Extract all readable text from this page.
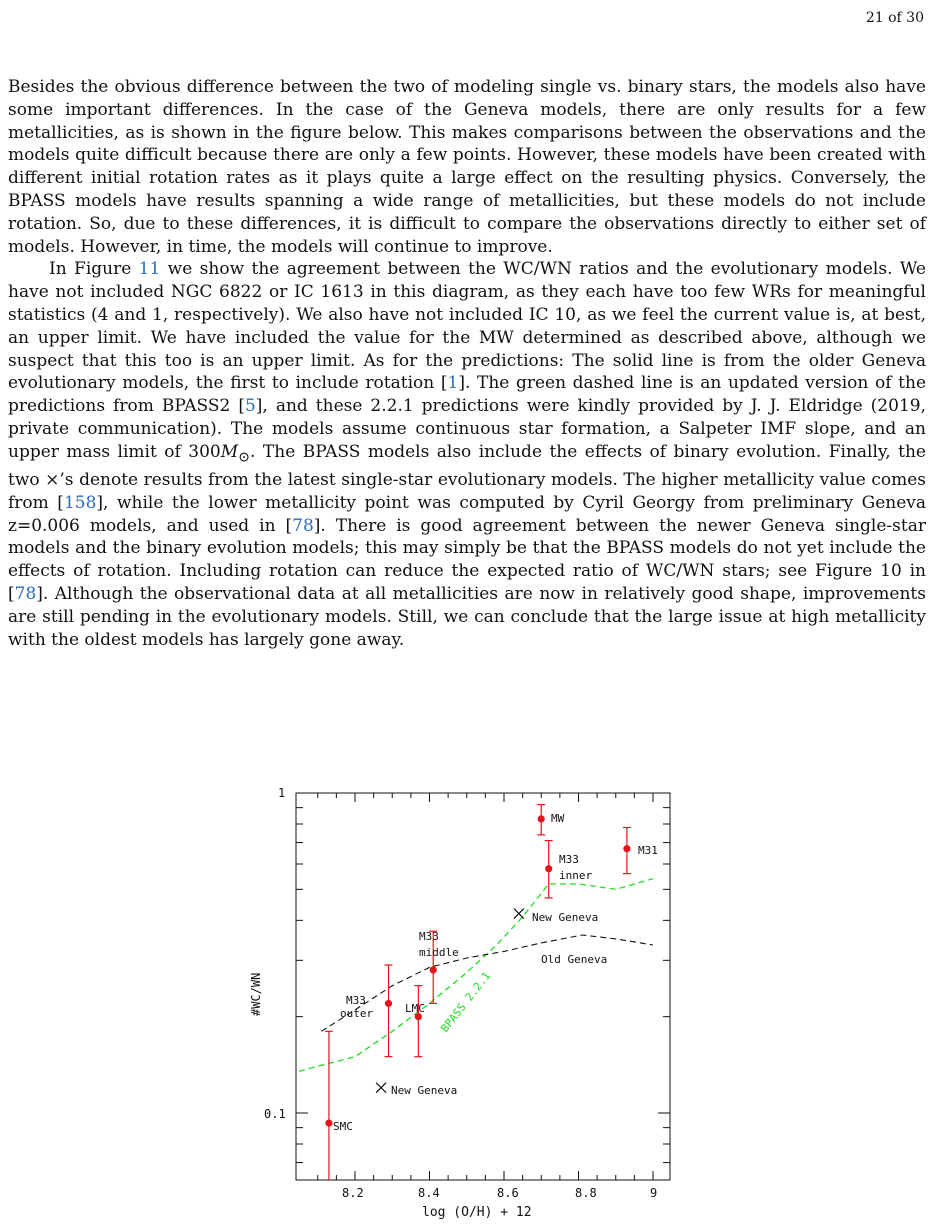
21 of 30

Besides the obvious difference between the two of modeling single vs. binary stars, the models also have some important differences. In the case of the Geneva models, there are only results for a few metallicities, as is shown in the figure below. This makes comparisons between the observations and the models quite difficult because there are only a few points. However, these models have been created with different initial rotation rates as it plays quite a large effect on the resulting physics. Conversely, the BPASS models have results spanning a wide range of metallicities, but these models do not include rotation. So, due to these differences, it is difficult to compare the observations directly to either set of models. However, in time, the models will continue to improve.

In Figure 11 we show the agreement between the WC/WN ratios and the evolutionary models. We have not included NGC 6822 or IC 1613 in this diagram, as they each have too few WRs for meaningful statistics (4 and 1, respectively). We also have not included IC 10, as we feel the current value is, at best, an upper limit. We have included the value for the MW determined as described above, although we suspect that this too is an upper limit. As for the predictions: The solid line is from the older Geneva evolutionary models, the first to include rotation [1]. The green dashed line is an updated version of the predictions from BPASS2 [5], and these 2.2.1 predictions were kindly provided by J. J. Eldridge (2019, private communication). The models assume continuous star formation, a Salpeter IMF slope, and an upper mass limit of $300M_⊙$. The BPASS models also include the effects of binary evolution. Finally, the two ×’s denote results from the latest single-star evolutionary models. The higher metallicity value comes from [158], while the lower metallicity point was computed by Cyril Georgy from preliminary Geneva z=0.006 models, and used in [78]. There is good agreement between the newer Geneva single-star models and the binary evolution models; this may simply be that the BPASS models do not yet include the effects of rotation. Including rotation can reduce the expected ratio of WC/WN stars; see Figure 10 in [78]. Although the observational data at all metallicities are now in relatively good shape, improvements are still pending in the evolutionary models. Still, we can conclude that the large issue at high metallicity with the oldest models has largely gone away.

1
0.1
8.2	8.4	8.6	8.8	9
log (O/H) + 12
#WC/WN
SMC
M33
outer	LMC
M33
middle
MW
M33
inner
M31
New Geneva
New Geneva
Old Geneva
BPASS 2.2.1
